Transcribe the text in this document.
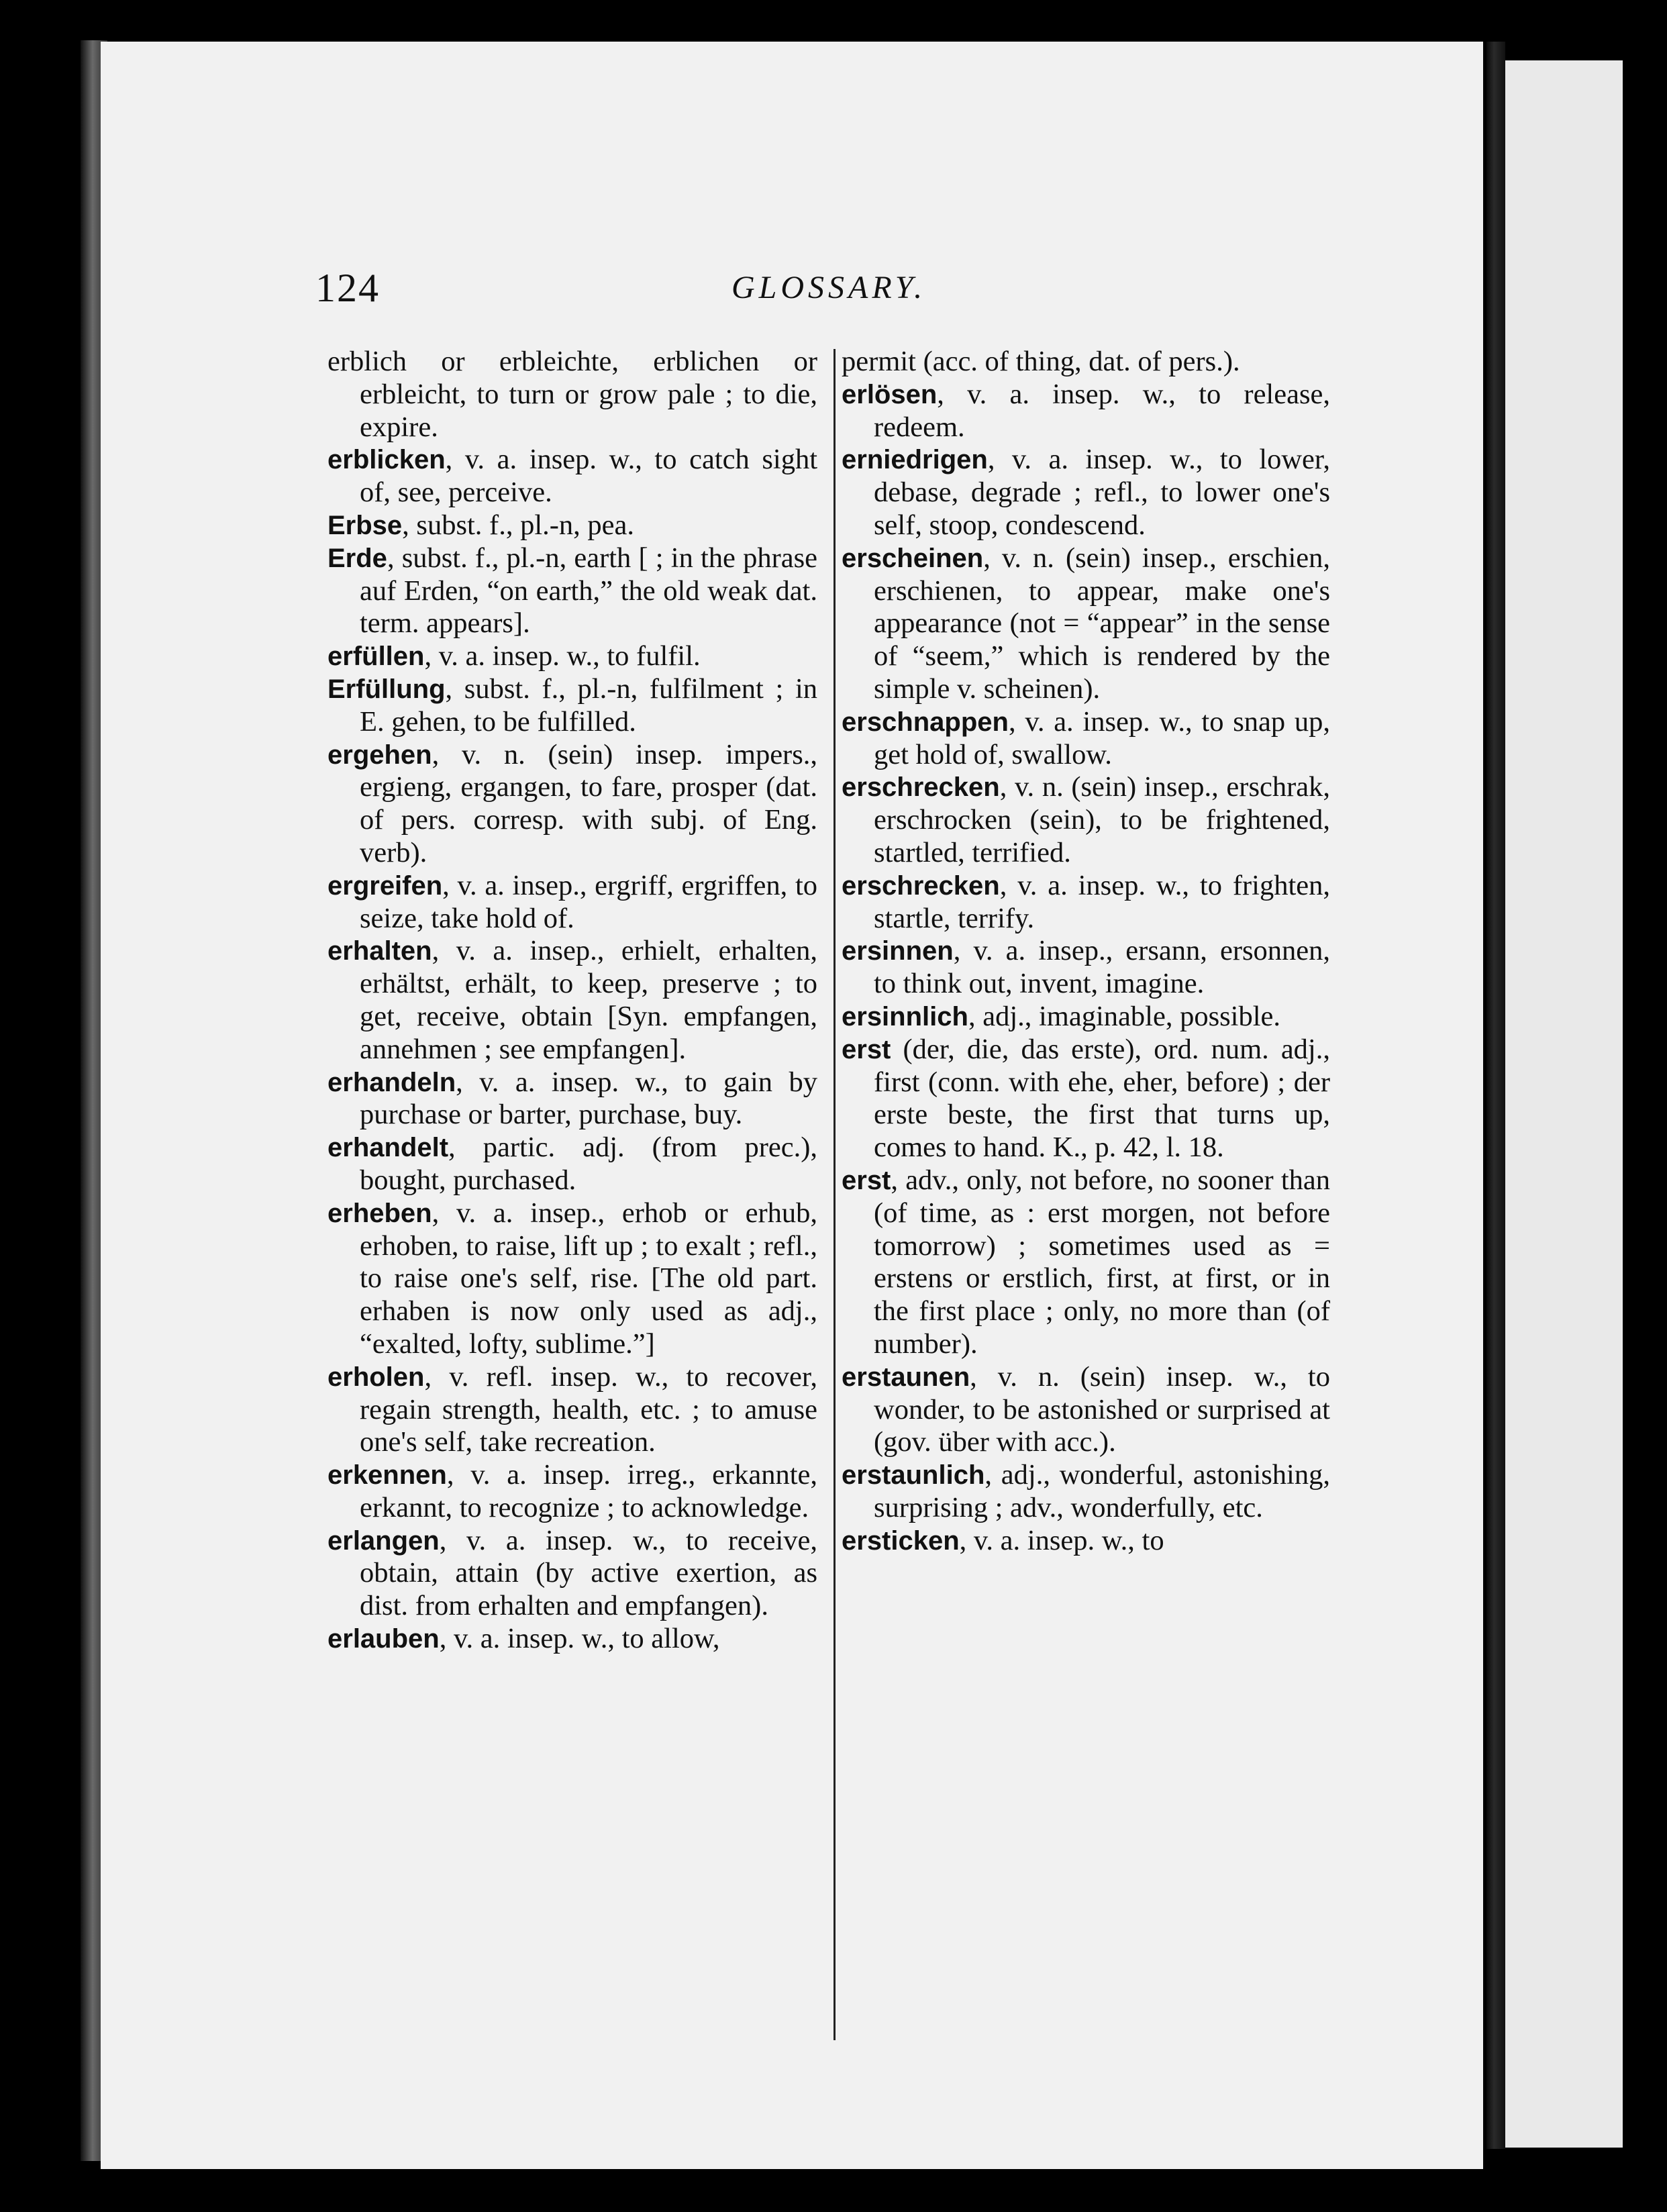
124	GLOSSARY.

erblich or erbleichte, erblichen or erbleicht, to turn or grow pale ; to die, expire.

erblicken, v. a. insep. w., to catch sight of, see, perceive.

Erbse, subst. f., pl.-n, pea.

Erde, subst. f., pl.-n, earth [ ; in the phrase auf Erden, “on earth,” the old weak dat. term. appears].

erfüllen, v. a. insep. w., to fulfil.

Erfüllung, subst. f., pl.-n, fulfilment ; in E. gehen, to be fulfilled.

ergehen, v. n. (sein) insep. impers., ergieng, ergangen, to fare, prosper (dat. of pers. corresp. with subj. of Eng. verb).

ergreifen, v. a. insep., ergriff, ergriffen, to seize, take hold of.

erhalten, v. a. insep., erhielt, erhalten, erhältst, erhält, to keep, preserve ; to get, receive, obtain [Syn. empfangen, annehmen ; see empfangen].

erhandeln, v. a. insep. w., to gain by purchase or barter, purchase, buy.

erhandelt, partic. adj. (from prec.), bought, purchased.

erheben, v. a. insep., erhob or erhub, erhoben, to raise, lift up ; to exalt ; refl., to raise one's self, rise. [The old part. erhaben is now only used as adj., “exalted, lofty, sublime.”]

erholen, v. refl. insep. w., to recover, regain strength, health, etc. ; to amuse one's self, take recreation.

erkennen, v. a. insep. irreg., erkannte, erkannt, to recognize ; to acknowledge.

erlangen, v. a. insep. w., to receive, obtain, attain (by active exertion, as dist. from erhalten and empfangen).

erlauben, v. a. insep. w., to allow,

permit (acc. of thing, dat. of pers.).

erlösen, v. a. insep. w., to release, redeem.

erniedrigen, v. a. insep. w., to lower, debase, degrade ; refl., to lower one's self, stoop, condescend.

erscheinen, v. n. (sein) insep., erschien, erschienen, to appear, make one's appearance (not = “appear” in the sense of “seem,” which is rendered by the simple v. scheinen).

erschnappen, v. a. insep. w., to snap up, get hold of, swallow.

erschrecken, v. n. (sein) insep., erschrak, erschrocken (sein), to be frightened, startled, terrified.

erschrecken, v. a. insep. w., to frighten, startle, terrify.

ersinnen, v. a. insep., ersann, ersonnen, to think out, invent, imagine.

ersinnlich, adj., imaginable, possible.

erst (der, die, das erste), ord. num. adj., first (conn. with ehe, eher, before) ; der erste beste, the first that turns up, comes to hand. K., p. 42, l. 18.

erst, adv., only, not before, no sooner than (of time, as : erst morgen, not before tomorrow) ; sometimes used as = erstens or erstlich, first, at first, or in the first place ; only, no more than (of number).

erstaunen, v. n. (sein) insep. w., to wonder, to be astonished or surprised at (gov. über with acc.).

erstaunlich, adj., wonderful, astonishing, surprising ; adv., wonderfully, etc.

ersticken, v. a. insep. w., to
